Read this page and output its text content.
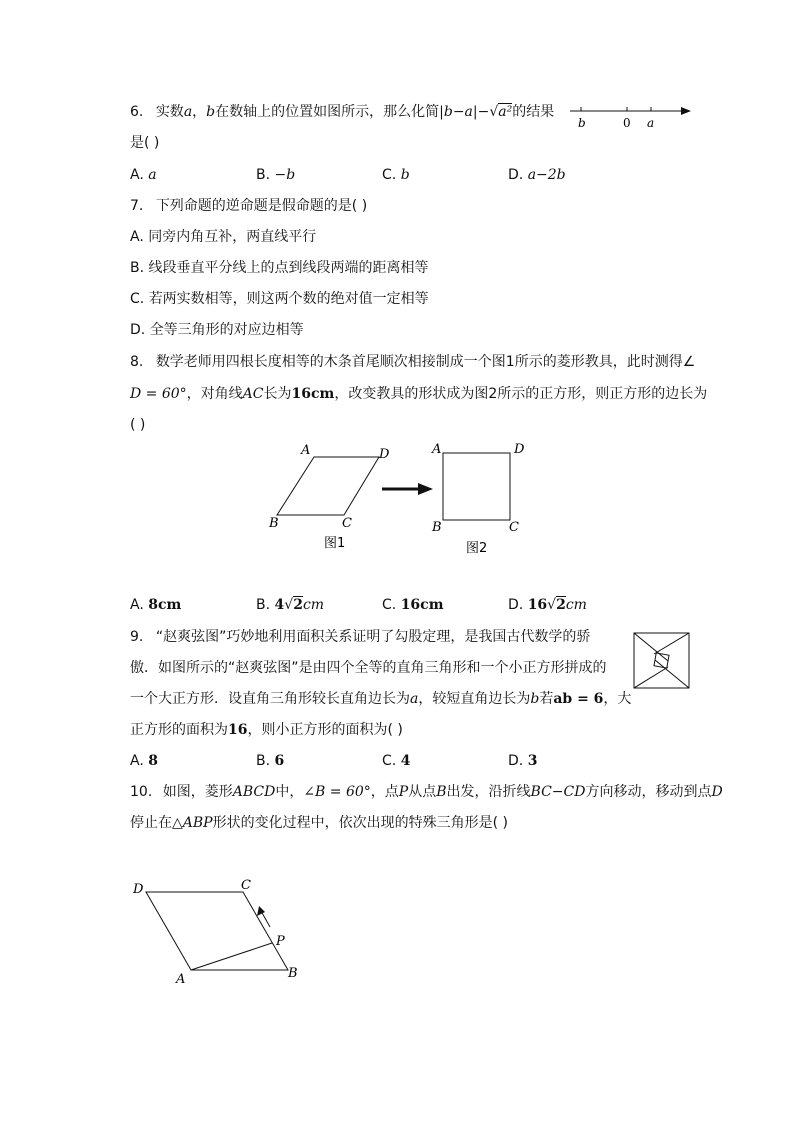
6. 实数a，b在数轴上的位置如图所示，那么化简|b−a|−√a²的结果
是( )
b	0 a
A. a	B. −b	C. b	D. a−2b
7. 下列命题的逆命题是假命题的是( )
A. 同旁内角互补，两直线平行
B. 线段垂直平分线上的点到线段两端的距离相等
C. 若两实数相等，则这两个数的绝对值一定相等
D. 全等三角形的对应边相等
8. 数学老师用四根长度相等的木条首尾顺次相接制成一个图1所示的菱形教具，此时测得∠
D = 60°，对角线AC长为16cm，改变教具的形状成为图2所示的正方形，则正方形的边长为
( )
A	D
B	C
图1
A	D
B	C
图2
A. 8cm	B. 4√2cm	C. 16cm	D. 16√2cm
9. “赵爽弦图”巧妙地利用面积关系证明了勾股定理，是我国古代数学的骄
傲．如图所示的“赵爽弦图”是由四个全等的直角三角形和一个小正方形拼成的
一个大正方形．设直角三角形较长直角边长为a，较短直角边长为b若ab = 6，大
正方形的面积为16，则小正方形的面积为( )
A. 8	B. 6	C. 4	D. 3
10. 如图，菱形ABCD中，∠B = 60°，点P从点B出发，沿折线BC−CD方向移动，移动到点D
停止在△ABP形状的变化过程中，依次出现的特殊三角形是( )
D	C
P
A	B
